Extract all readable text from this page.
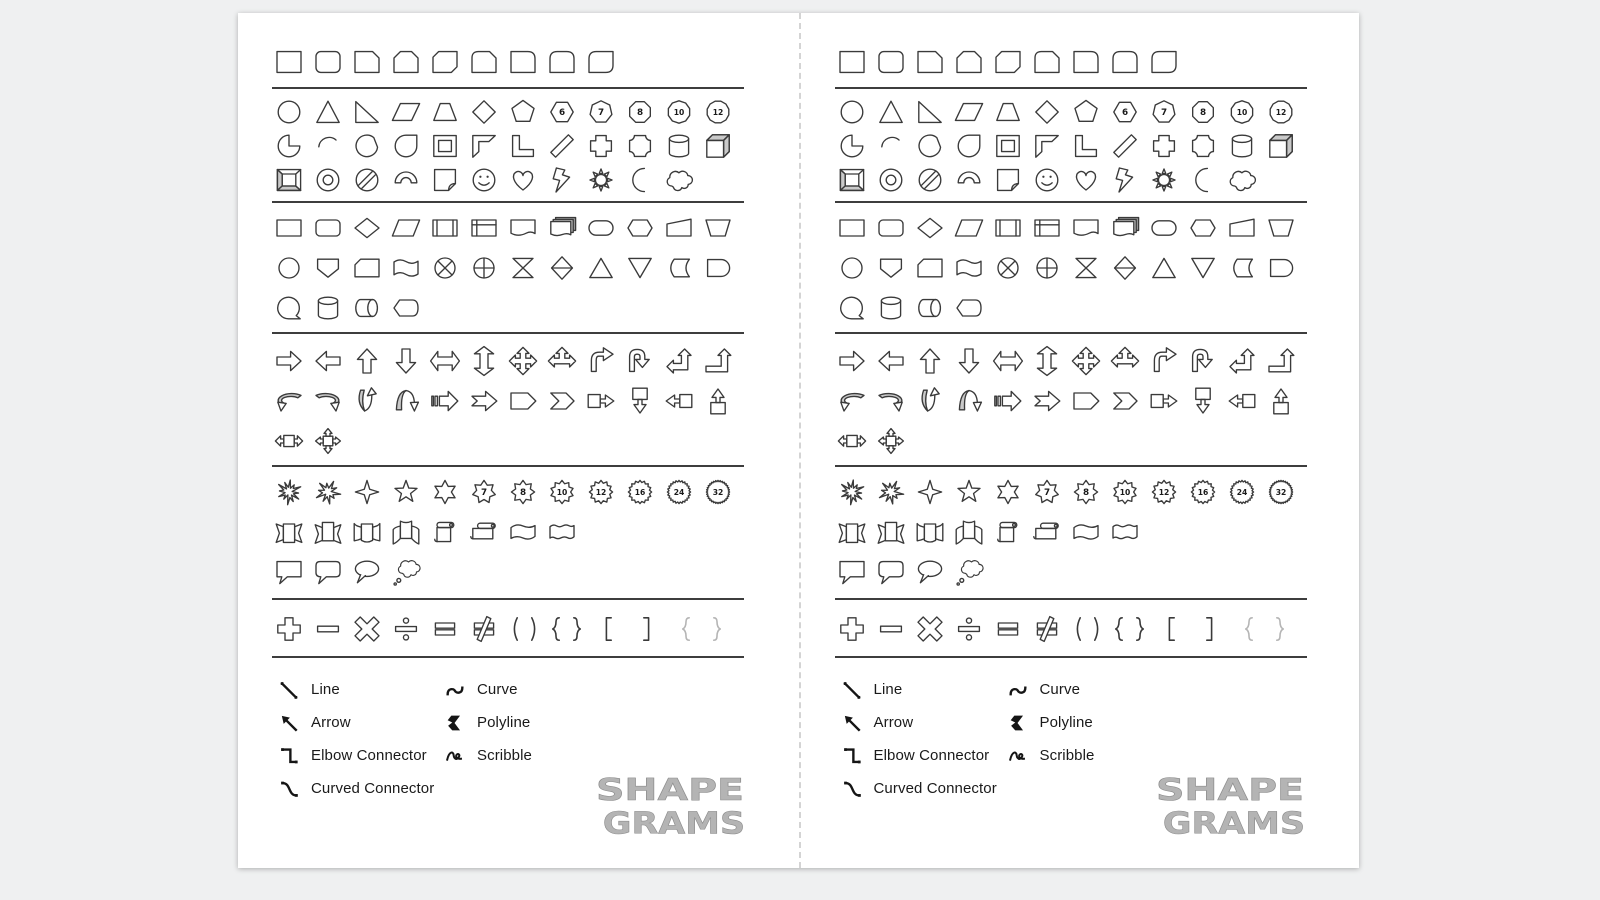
6	7	8	10	12
7	8	10	12	16	24	32
Line
Arrow
Elbow Connector
Curved Connector
Curve
Polyline
Scribble
SHAPE
GRAMS
6	7	8	10	12
7	8	10	12	16	24	32
Line
Arrow
Elbow Connector
Curved Connector
Curve
Polyline
Scribble
SHAPE
GRAMS
